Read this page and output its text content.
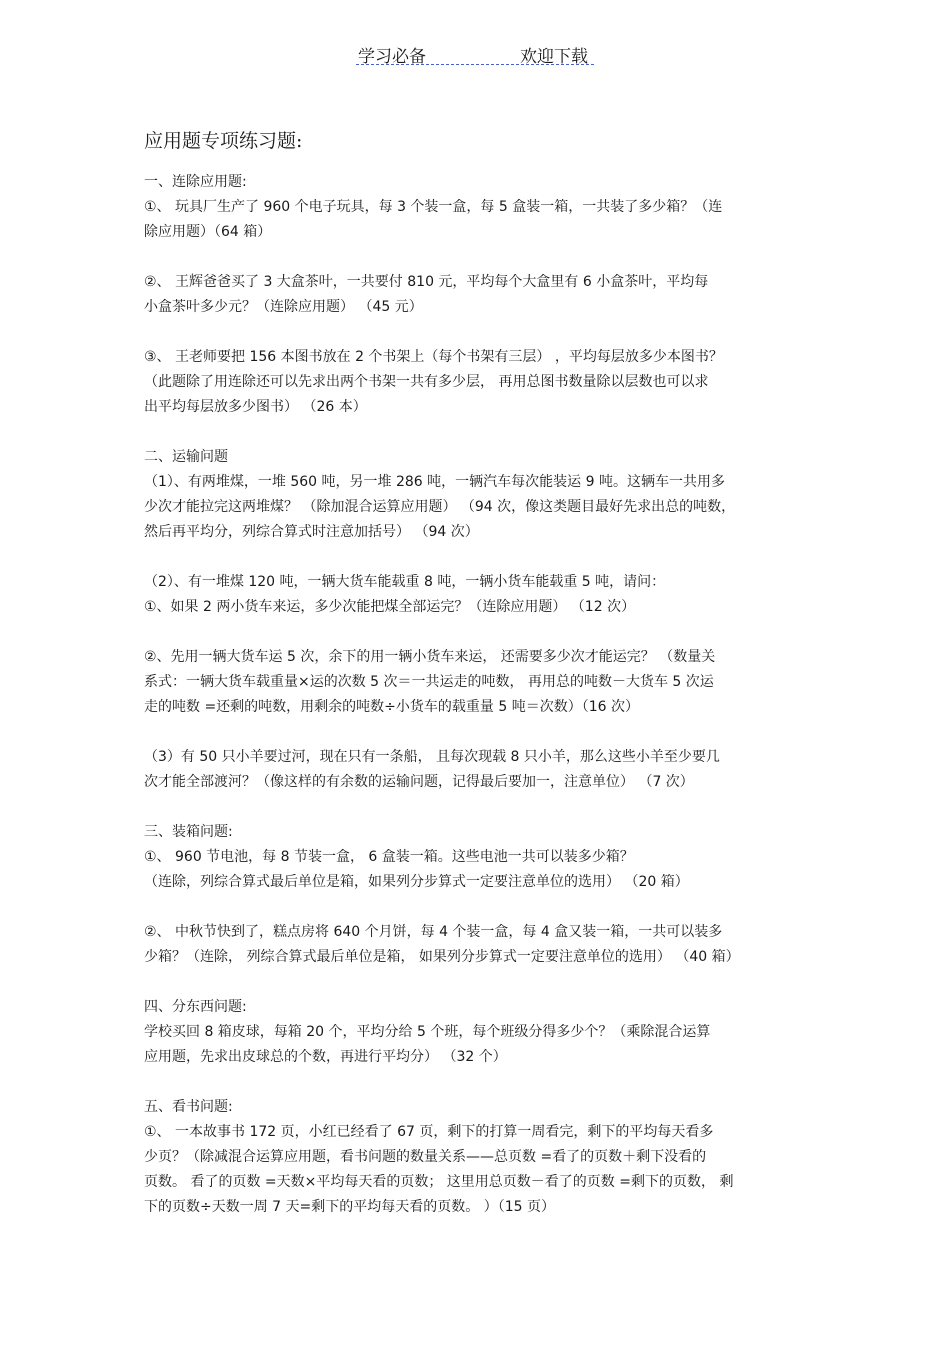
学习必备	欢迎下载
应用题专项练习题:
一、连除应用题:
①、 玩具厂生产了 960 个电子玩具，每 3 个装一盒，每 5 盒装一箱，一共装了多少箱？（连
除应用题）（64 箱）
②、 王辉爸爸买了 3 大盒茶叶，一共要付 810 元，平均每个大盒里有 6 小盒茶叶，平均每
小盒茶叶多少元？（连除应用题） （45 元）
③、 王老师要把 156 本图书放在 2 个书架上（每个书架有三层） ，平均每层放多少本图书？
（此题除了用连除还可以先求出两个书架一共有多少层， 再用总图书数量除以层数也可以求
出平均每层放多少图书） （26 本）
二、运输问题
（1）、有两堆煤，一堆 560 吨，另一堆 286 吨，一辆汽车每次能装运 9 吨。这辆车一共用多
少次才能拉完这两堆煤？ （除加混合运算应用题） （94 次，像这类题目最好先求出总的吨数，
然后再平均分，列综合算式时注意加括号） （94 次）
（2）、有一堆煤 120 吨，一辆大货车能载重 8 吨，一辆小货车能载重 5 吨，请问：
①、如果 2 两小货车来运，多少次能把煤全部运完？（连除应用题） （12 次）
②、先用一辆大货车运 5 次，余下的用一辆小货车来运， 还需要多少次才能运完？ （数量关
系式：一辆大货车载重量×运的次数 5 次＝一共运走的吨数， 再用总的吨数－大货车 5 次运
走的吨数 =还剩的吨数，用剩余的吨数÷小货车的载重量 5 吨＝次数）（16 次）
（3）有 50 只小羊要过河，现在只有一条船， 且每次现载 8 只小羊，那么这些小羊至少要几
次才能全部渡河？（像这样的有余数的运输问题，记得最后要加一，注意单位） （7 次）
三、装箱问题:
①、 960 节电池，每 8 节装一盒， 6 盒装一箱。这些电池一共可以装多少箱？
（连除，列综合算式最后单位是箱，如果列分步算式一定要注意单位的选用） （20 箱）
②、 中秋节快到了，糕点房将 640 个月饼，每 4 个装一盒，每 4 盒又装一箱，一共可以装多
少箱？（连除， 列综合算式最后单位是箱， 如果列分步算式一定要注意单位的选用） （40 箱）
四、分东西问题:
学校买回 8 箱皮球，每箱 20 个，平均分给 5 个班，每个班级分得多少个？（乘除混合运算
应用题，先求出皮球总的个数，再进行平均分） （32 个）
五、看书问题:
①、 一本故事书 172 页，小红已经看了 67 页，剩下的打算一周看完，剩下的平均每天看多
少页？（除减混合运算应用题，看书问题的数量关系——总页数 =看了的页数＋剩下没看的
页数。 看了的页数 =天数×平均每天看的页数； 这里用总页数－看了的页数 =剩下的页数， 剩
下的页数÷天数一周 7 天=剩下的平均每天看的页数。 ）（15 页）
